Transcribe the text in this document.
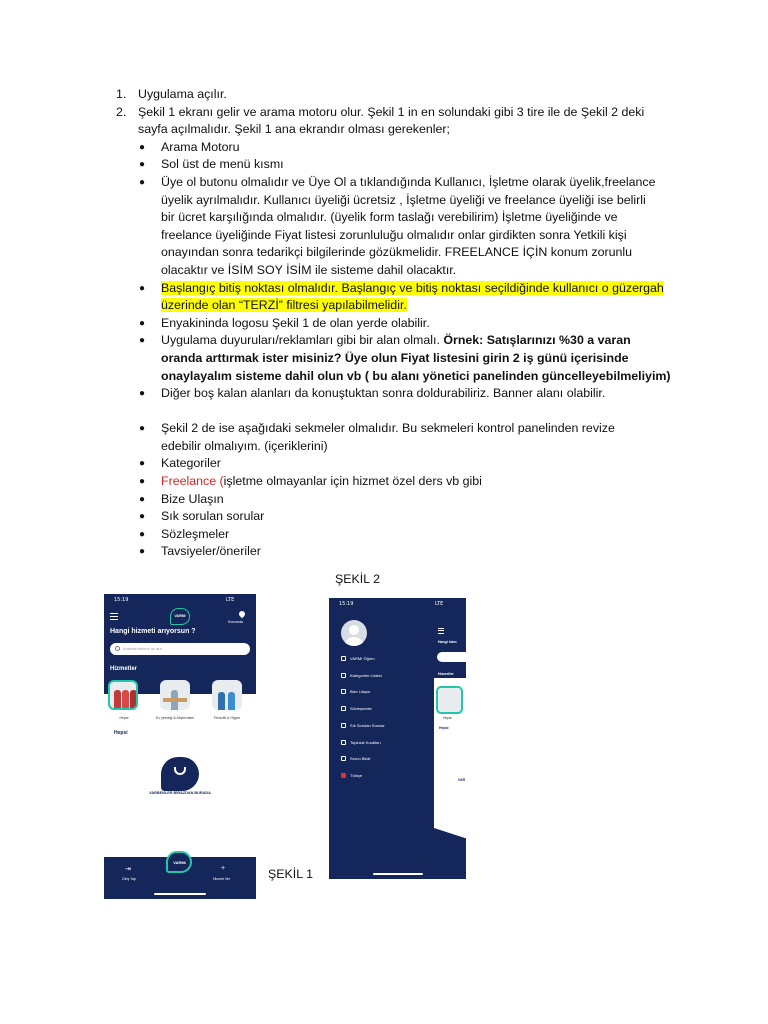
1. Uygulama açılır.

2. Şekil 1 ekranı gelir ve arama motoru olur. Şekil 1 in en solundaki gibi 3 tire ile de Şekil 2 deki

sayfa açılmalıdır. Şekil 1 ana ekrandır olması gerekenler;

●	Arama Motoru

●	Sol üst de menü kısmı

●	Üye ol butonu olmalıdır ve Üye Ol a tıklandığında Kullanıcı, İşletme olarak üyelik,freelance

üyelik ayrılmalıdır. Kullanıcı üyeliği ücretsiz , İşletme üyeliği ve freelance üyeliği ise belirli

bir ücret karşılığında olmalıdır. (üyelik form taslağı verebilirim) İşletme üyeliğinde ve

freelance üyeliğinde Fiyat listesi zorunluluğu olmalıdır onlar girdikten sonra Yetkili kişi

onayından sonra tedarikçi bilgilerinde gözükmelidir. FREELANCE İÇİN konum zorunlu

olacaktır ve İSİM SOY İSİM ile sisteme dahil olacaktır.

●	Başlangıç bitiş noktası olmalıdır. Başlangıç ve bitiş noktası seçildiğinde kullanıcı o güzergah

üzerinde olan “TERZİ” filtresi yapılabilmelidir.

●	Enyakininda logosu Şekil 1 de olan yerde olabilir.

●	Uygulama duyuruları/reklamları gibi bir alan olmalı. Örnek: Satışlarınızı %30 a varan

oranda arttırmak ister misiniz? Üye olun Fiyat listesini girin 2 iş günü içerisinde

onaylayalım sisteme dahil olun vb ( bu alanı yönetici panelinden güncelleyebilmeliyim)

●	Diğer boş kalan alanları da konuştuktan sonra doldurabiliriz. Banner alanı olabilir.

●	Şekil 2 de ise aşağıdaki sekmeler olmalıdır. Bu sekmeleri kontrol panelinden revize

edebilir olmalıyım. (içeriklerini)

●	Kategoriler

●	Freelance (işletme olmayanlar için hizmet özel ders vb gibi

●	Bize Ulaşın

●	Sık sorulan sorular

●	Sözleşmeler

●	Tavsiyeler/öneriler

ŞEKİL 2
ŞEKİL 1
15:19	LTE
VARMI
Konumda
Hangi hizmeti arıyorsun ?
Anahtar kelime ile ara
Hizmetler
Hepsi	Ev yemeği & Atıştırmalık	Temizlik & Hijyen
Hepsi
VARBENLER BİRAZDAN BURADA
VARMI
⇥
Giriş Yap
+
Hizmet Ver
15:19	LTE
Hangi hizm
Hizmetler
Hepsi
Hepsi
VAR
VARMI Öğren
Kategoriler Listesi
Bize Ulaşın
Sözleşmeler
Sık Sorulan Sorular
Topluluk Kuralları
Sorun Bildir
Türkçe
